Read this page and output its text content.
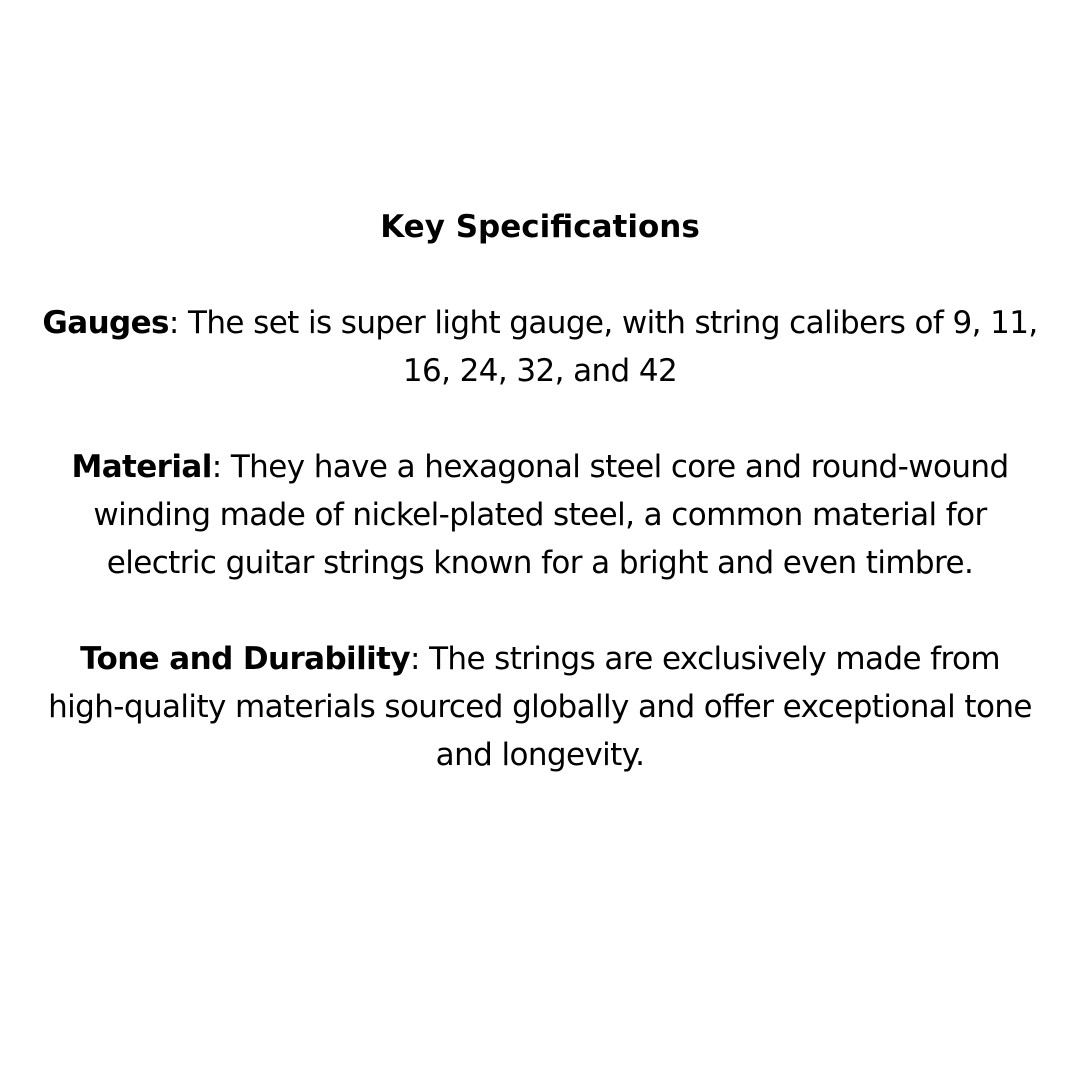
Key Specifications

Gauges: The set is super light gauge, with string calibers of 9, 11, 16, 24, 32, and 42

Material: They have a hexagonal steel core and round-wound winding made of nickel-plated steel, a common material for electric guitar strings known for a bright and even timbre.

Tone and Durability: The strings are exclusively made from high-quality materials sourced globally and offer exceptional tone and longevity.
